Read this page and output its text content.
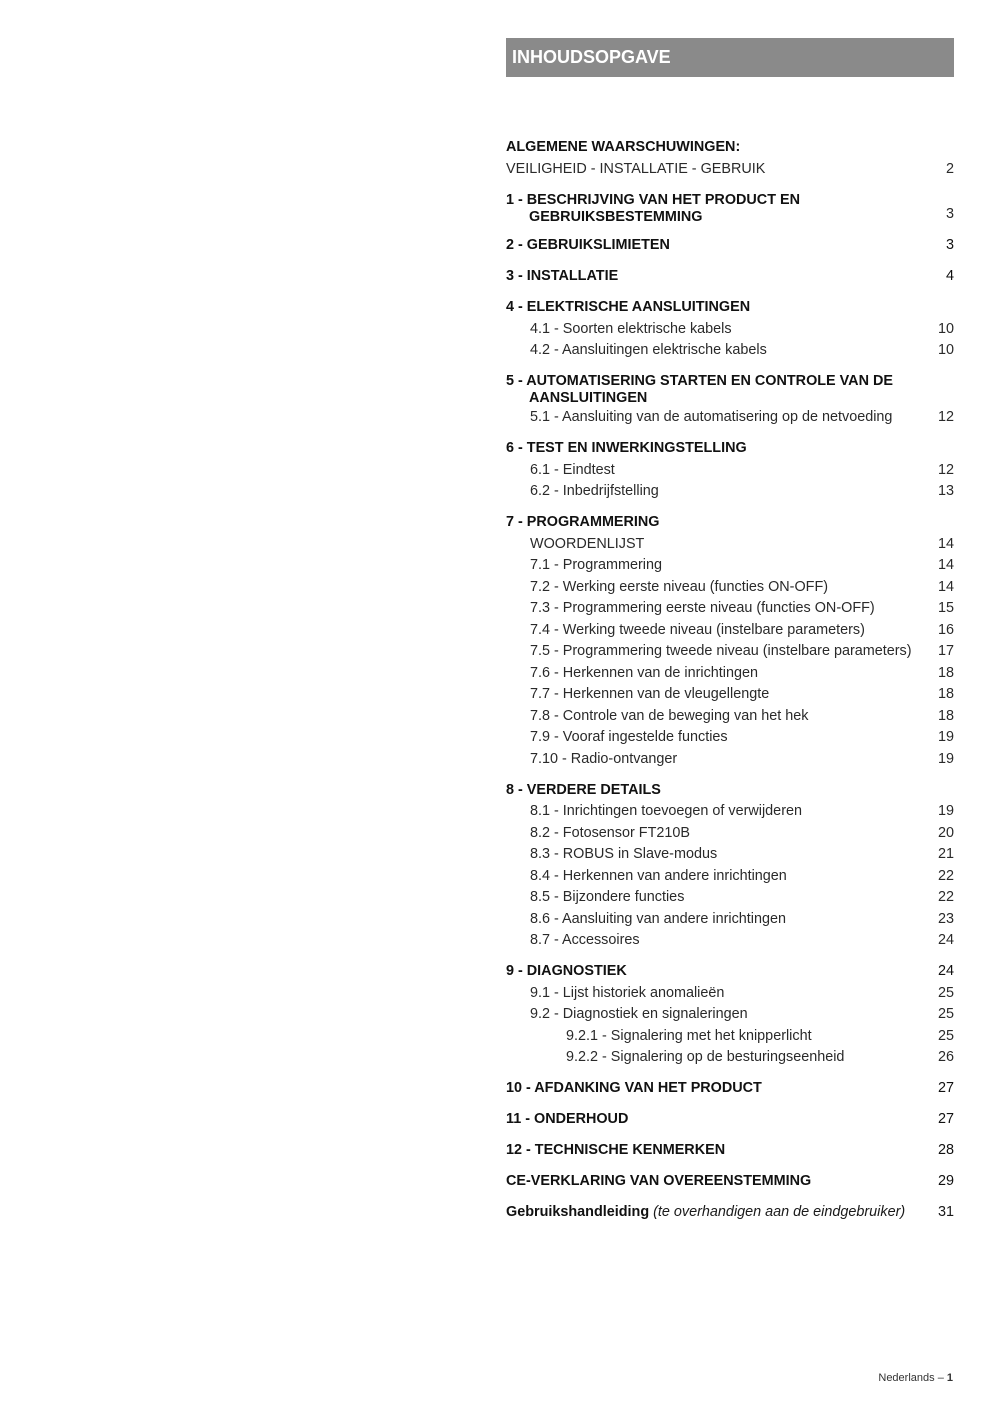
INHOUDSOPGAVE
ALGEMENE WAARSCHUWINGEN:
VEILIGHEID - INSTALLATIE - GEBRUIK	2
1 - BESCHRIJVING VAN HET PRODUCT EN GEBRUIKSBESTEMMING	3
2 - GEBRUIKSLIMIETEN	3
3 - INSTALLATIE	4
4 - ELEKTRISCHE AANSLUITINGEN
4.1 - Soorten elektrische kabels	10
4.2 - Aansluitingen elektrische kabels	10
5 - AUTOMATISERING STARTEN EN CONTROLE VAN DE AANSLUITINGEN
5.1 - Aansluiting van de automatisering op de netvoeding	12
6 - TEST EN INWERKINGSTELLING
6.1 - Eindtest	12
6.2 - Inbedrijfstelling	13
7 - PROGRAMMERING
WOORDENLIJST	14
7.1 - Programmering	14
7.2 - Werking eerste niveau (functies ON-OFF)	14
7.3 - Programmering eerste niveau (functies ON-OFF)	15
7.4 - Werking tweede niveau (instelbare parameters)	16
7.5 - Programmering tweede niveau (instelbare parameters)	17
7.6 - Herkennen van de inrichtingen	18
7.7 - Herkennen van de vleugellengte	18
7.8 - Controle van de beweging van het hek	18
7.9 - Vooraf ingestelde functies	19
7.10 - Radio-ontvanger	19
8 - VERDERE DETAILS
8.1 - Inrichtingen toevoegen of verwijderen	19
8.2 - Fotosensor FT210B	20
8.3 - ROBUS in Slave-modus	21
8.4 - Herkennen van andere inrichtingen	22
8.5 - Bijzondere functies	22
8.6 - Aansluiting van andere inrichtingen	23
8.7 - Accessoires	24
9 - DIAGNOSTIEK	24
9.1 - Lijst historiek anomalieën	25
9.2 - Diagnostiek en signaleringen	25
9.2.1 - Signalering met het knipperlicht	25
9.2.2 - Signalering op de besturingseenheid	26
10 - AFDANKING VAN HET PRODUCT	27
11 - ONDERHOUD	27
12 - TECHNISCHE KENMERKEN	28
CE-VERKLARING VAN OVEREENSTEMMING	29
Gebruikshandleiding (te overhandigen aan de eindgebruiker)	31
Nederlands – 1
